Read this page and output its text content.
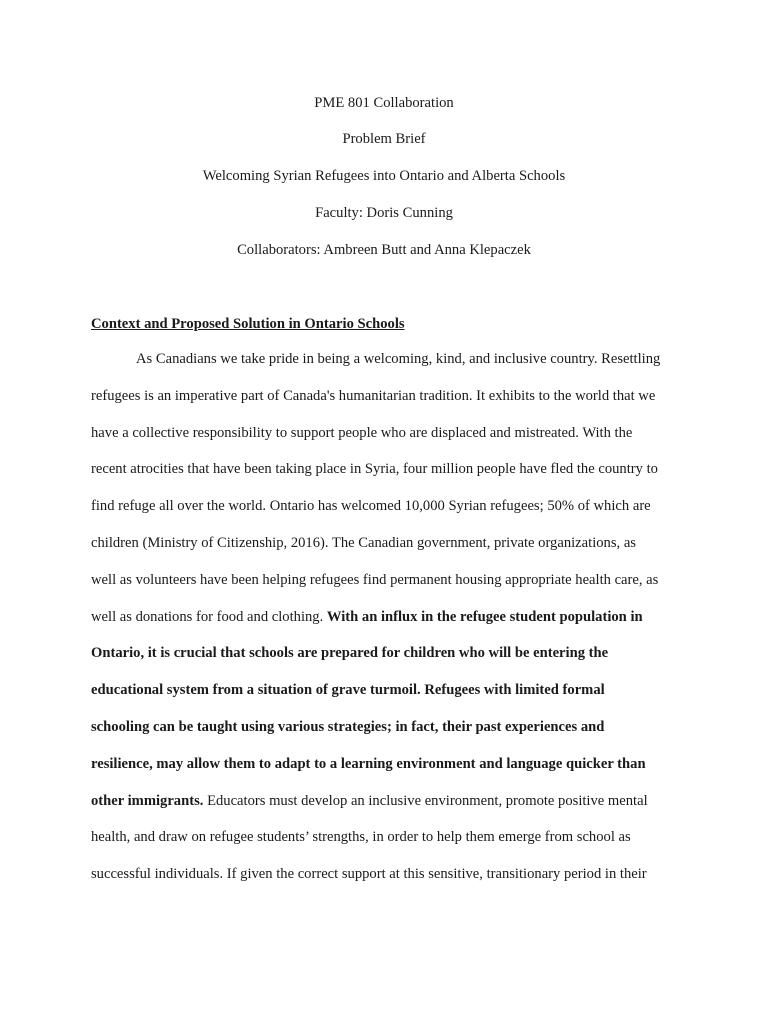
PME 801 Collaboration
Problem Brief
Welcoming Syrian Refugees into Ontario and Alberta Schools
Faculty: Doris Cunning
Collaborators: Ambreen Butt and Anna Klepaczek
Context and Proposed Solution in Ontario Schools
As Canadians we take pride in being a welcoming, kind, and inclusive country. Resettling
refugees is an imperative part of Canada's humanitarian tradition. It exhibits to the world that we
have a collective responsibility to support people who are displaced and mistreated. With the
recent atrocities that have been taking place in Syria, four million people have fled the country to
find refuge all over the world. Ontario has welcomed 10,000 Syrian refugees; 50% of which are
children (Ministry of Citizenship, 2016). The Canadian government, private organizations, as
well as volunteers have been helping refugees find permanent housing appropriate health care, as
well as donations for food and clothing. With an influx in the refugee student population in
Ontario, it is crucial that schools are prepared for children who will be entering the
educational system from a situation of grave turmoil. Refugees with limited formal
schooling can be taught using various strategies; in fact, their past experiences and
resilience, may allow them to adapt to a learning environment and language quicker than
other immigrants. Educators must develop an inclusive environment, promote positive mental
health, and draw on refugee students’ strengths, in order to help them emerge from school as
successful individuals. If given the correct support at this sensitive, transitionary period in their
